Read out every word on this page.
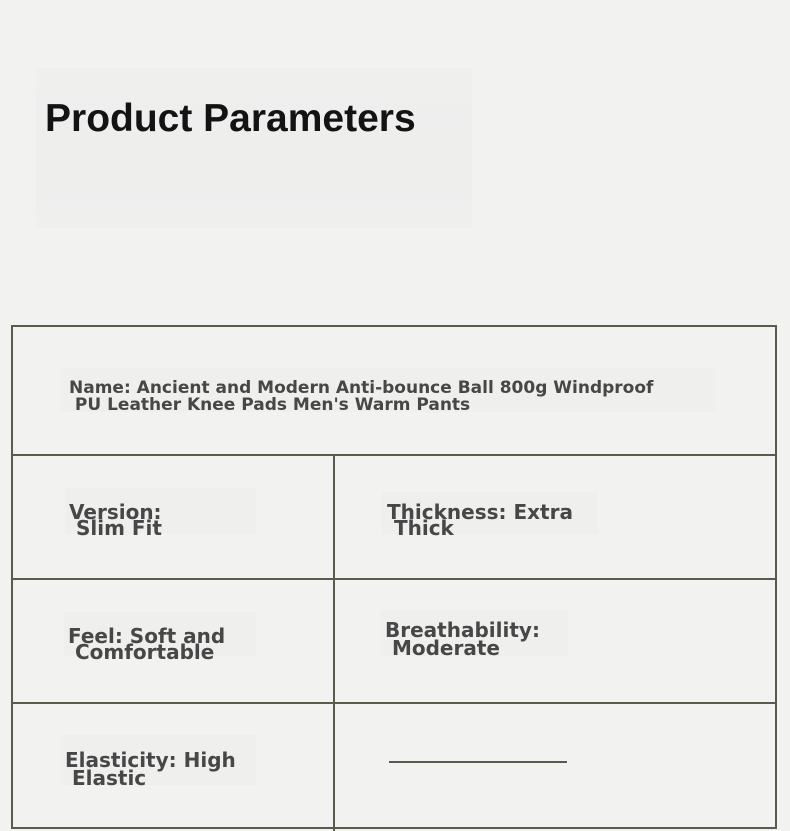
Product Parameters
Name: Ancient and Modern Anti-bounce Ball 800g Windproof
PU Leather Knee Pads Men's Warm Pants
Version:
Slim Fit
Thickness: Extra
Thick
Feel: Soft and
Comfortable
Breathability:
Moderate
Elasticity: High
Elastic
